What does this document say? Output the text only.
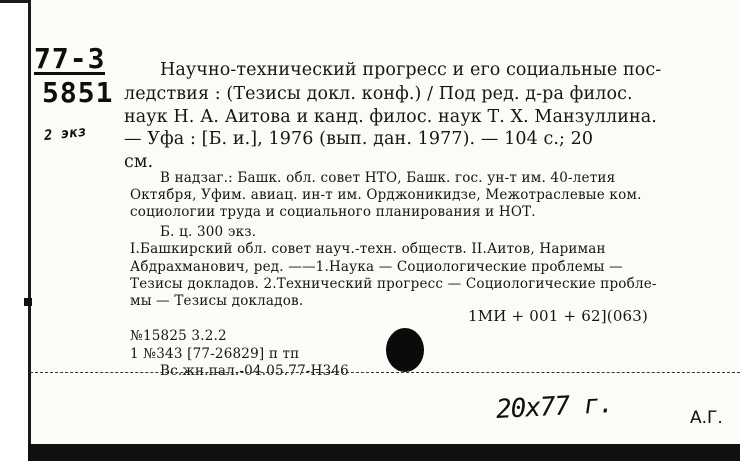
77-3
5851
2 экз
Научно-технический прогресс и его социальные пос-
ледствия : (Тезисы докл. конф.) / Под ред. д-ра филос.
наук Н. А. Аитова и канд. филос. наук Т. Х. Манзуллина.
— Уфа : [Б. и.], 1976 (вып. дан. 1977). — 104 с.; 20
см.
В надзаг.: Башк. обл. совет НТО, Башк. гос. ун-т им. 40-летия
Октября, Уфим. авиац. ин-т им. Орджоникидзе, Межотраслевые ком.
социологии труда и социального планирования и НОТ.
Б. ц. 300 экз.
I.Башкирский обл. совет науч.-техн. обществ. II.Аитов, Нариман
Абдрахманович, ред. ——1.Наука — Социологические проблемы —
Тезисы докладов. 2.Технический прогресс — Социологические пробле-
мы — Тезисы докладов.
1МИ + 001 + 62](063)
№15825 3.2.2
1 №343 [77-26829] п тп
Вс.жн.пал.-04.05.77-Н346
20х77 г.	А.Г.
